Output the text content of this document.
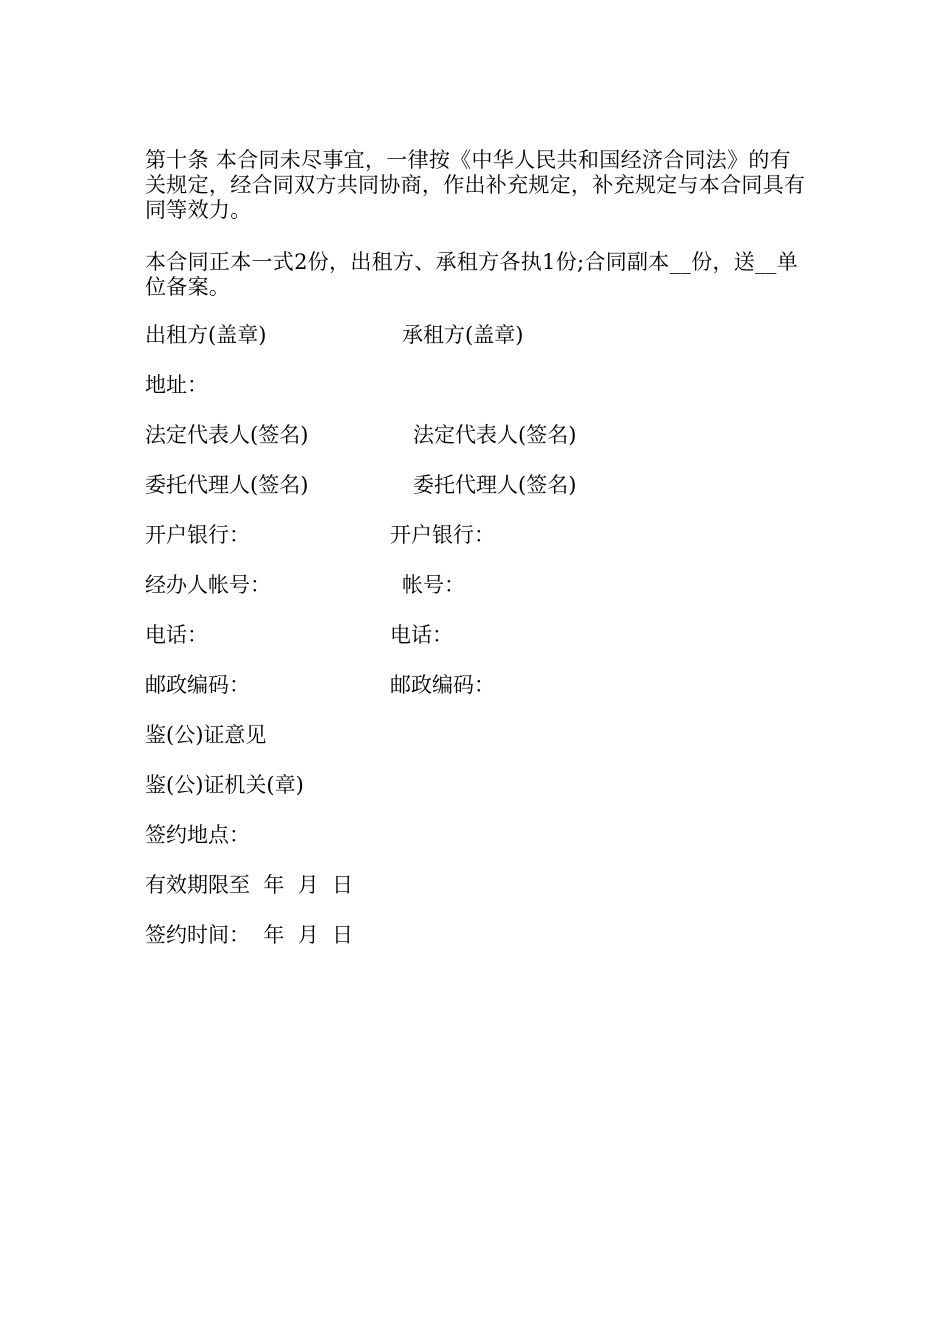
第十条 本合同未尽事宜，一律按《中华人民共和国经济合同法》的有关规定，经合同双方共同协商，作出补充规定，补充规定与本合同具有同等效力。
本合同正本一式2份，出租方、承租方各执1份;合同副本__份，送__单位备案。
出租方(盖章)	承租方(盖章)
地址：
法定代表人(签名)	法定代表人(签名)
委托代理人(签名)	委托代理人(签名)
开户银行：	开户银行：
经办人帐号：	帐号：
电话：	电话：
邮政编码：	邮政编码：
鉴(公)证意见
鉴(公)证机关(章)
签约地点：
有效期限至  年  月  日
签约时间：  年  月  日
